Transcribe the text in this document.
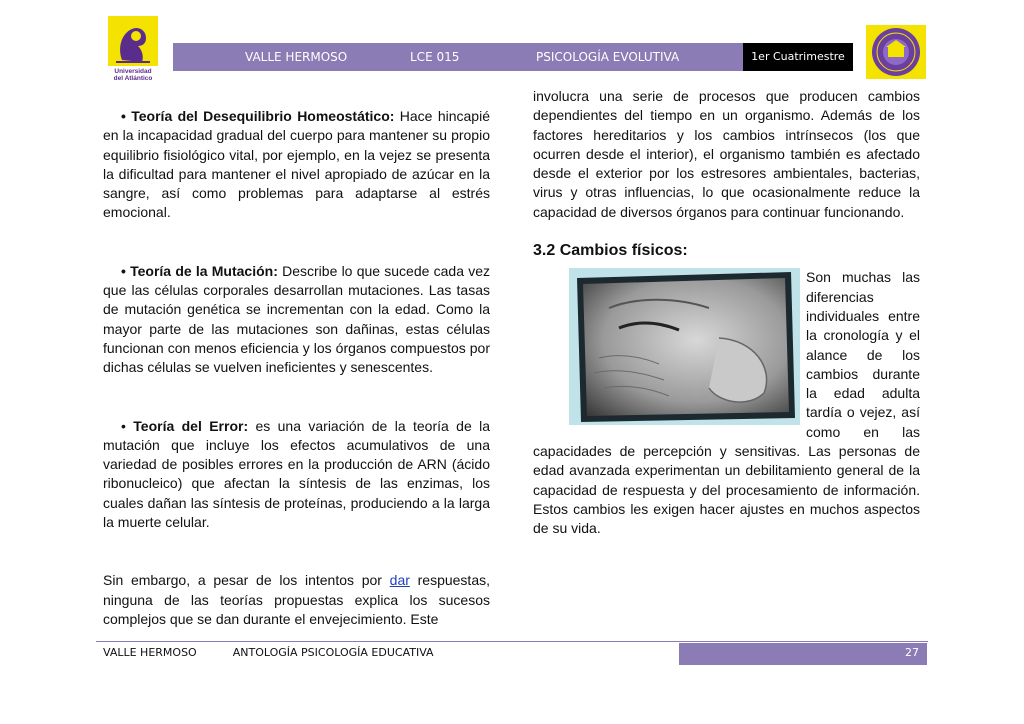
Universidad
del Atlántico
VALLE HERMOSO	LCE 015	PSICOLOGÍA EVOLUTIVA	1er Cuatrimestre

• Teoría del Desequilibrio Homeostático: Hace hincapié en la incapacidad gradual del cuerpo para mantener su propio equilibrio fisiológico vital, por ejemplo, en la vejez se presenta la dificultad para mantener el nivel apropiado de azúcar en la sangre, así como problemas para adaptarse al estrés emocional.

• Teoría de la Mutación: Describe lo que sucede cada vez que las células corporales desarrollan mutaciones. Las tasas de mutación genética se incrementan con la edad. Como la mayor parte de las mutaciones son dañinas, estas células funcionan con menos eficiencia y los órganos compuestos por dichas células se vuelven ineficientes y senescentes.

• Teoría del Error: es una variación de la teoría de la mutación que incluye los efectos acumulativos de una variedad de posibles errores en la producción de ARN (ácido ribonucleico) que afectan la síntesis de las enzimas, los cuales dañan las síntesis de proteínas, produciendo a la larga la muerte celular.

Sin embargo, a pesar de los intentos por dar respuestas, ninguna de las teorías propuestas explica los sucesos complejos que se dan durante el envejecimiento. Este

involucra una serie de procesos que producen cambios dependientes del tiempo en un organismo. Además de los factores hereditarios y los cambios intrínsecos (los que ocurren desde el interior), el organismo también es afectado desde el exterior por los estresores ambientales, bacterias, virus y otras influencias, lo que ocasionalmente reduce la capacidad de diversos órganos para continuar funcionando.

3.2 Cambios físicos:

Son muchas las diferencias individuales entre la cronología y el alance de los cambios durante la edad adulta tardía o vejez, así como en las capacidades de percepción y sensitivas. Las personas de edad avanzada experimentan un debilitamiento general de la capacidad de respuesta y del procesamiento de información. Estos cambios les exigen hacer ajustes en muchos aspectos de su vida.

VALLE HERMOSO	ANTOLOGÍA PSICOLOGÍA EDUCATIVA	27
